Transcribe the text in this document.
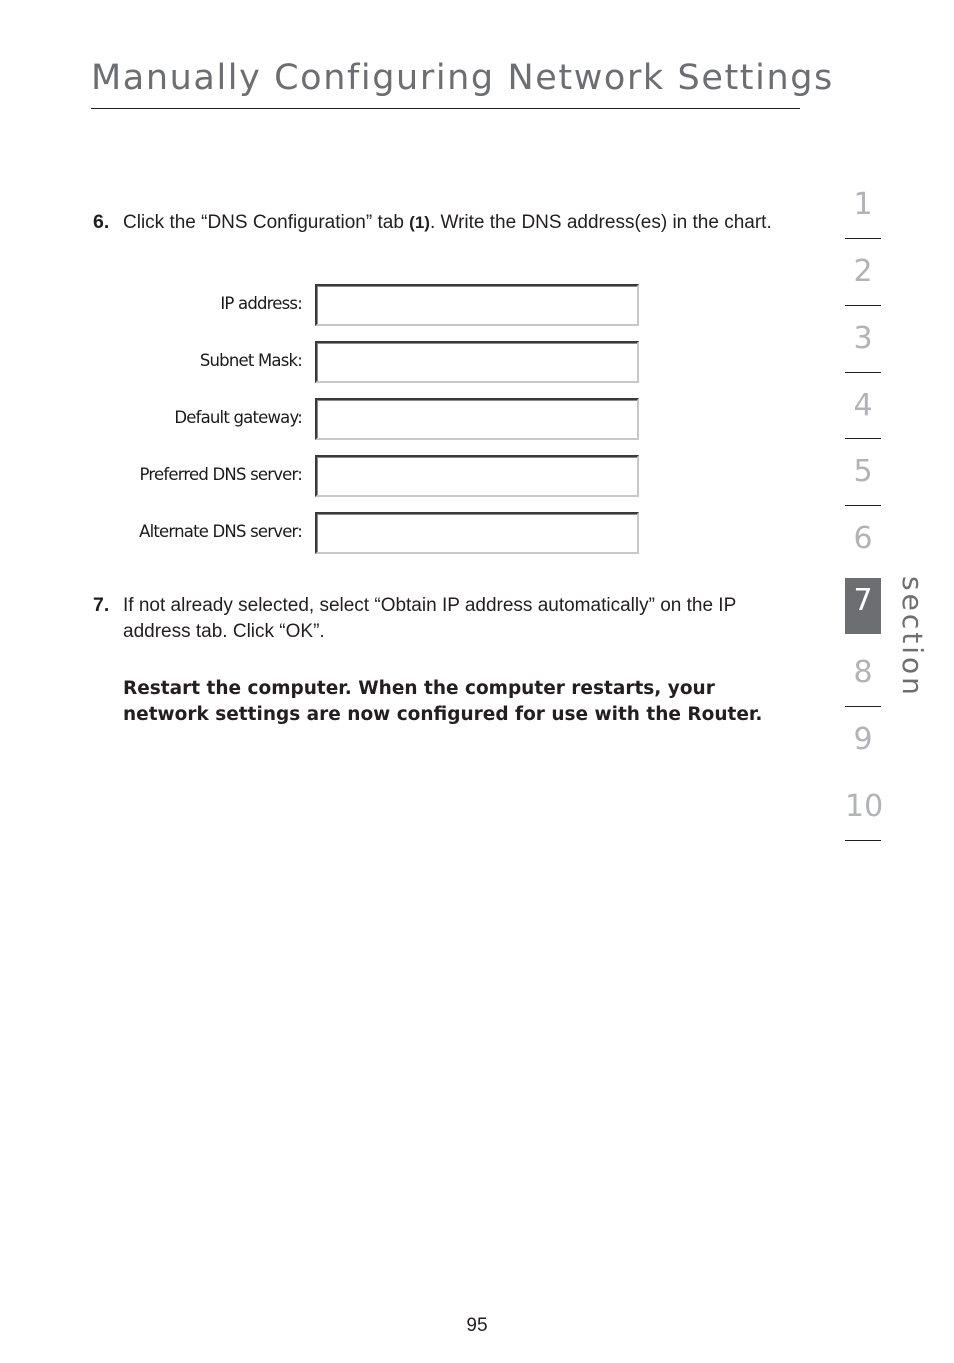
Manually Configuring Network Settings
6. Click the “DNS Configuration” tab (1). Write the DNS address(es) in the chart.
IP address:
Subnet Mask:
Default gateway:
Preferred DNS server:
Alternate DNS server:
7. If not already selected, select “Obtain IP address automatically” on the IP address tab. Click “OK”.
Restart the computer. When the computer restarts, your network settings are now configured for use with the Router.
1
2
3
4
5
6
7
8
9
10
section
95
